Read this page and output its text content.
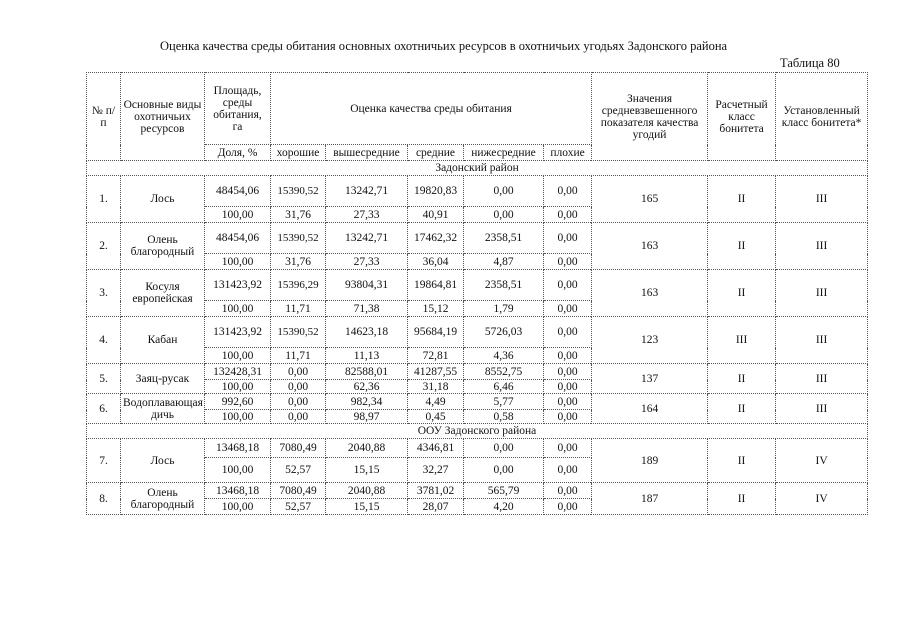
Оценка качества среды обитания основных охотничьих ресурсов в охотничьих угодьях Задонского района
Таблица 80
№ п/п	Основные виды охотничьих ресурсов	Площадь, среды обитания, га	Оценка качества среды обитания					Значения средневзвешенного показателя качества угодий	Расчетный класс бонитета	Установленный класс бонитета*
		Доля, %	хорошие	вышесредние	средние	нижесредние	плохие			
Задонский район										
1.	Лось	48454,06	15390,52	13242,71	19820,83	0,00	0,00	165	II	III
		100,00	31,76	27,33	40,91	0,00	0,00			
2.	Олень благородный	48454,06	15390,52	13242,71	17462,32	2358,51	0,00	163	II	III
		100,00	31,76	27,33	36,04	4,87	0,00			
3.	Косуля европейская	131423,92	15396,29	93804,31	19864,81	2358,51	0,00	163	II	III
		100,00	11,71	71,38	15,12	1,79	0,00			
4.	Кабан	131423,92	15390,52	14623,18	95684,19	5726,03	0,00	123	III	III
		100,00	11,71	11,13	72,81	4,36	0,00			
5.	Заяц-русак	132428,31	0,00	82588,01	41287,55	8552,75	0,00	137	II	III
		100,00	0,00	62,36	31,18	6,46	0,00			
6.	Водоплавающая дичь	992,60	0,00	982,34	4,49	5,77	0,00	164	II	III
		100,00	0,00	98,97	0,45	0,58	0,00			
ООУ Задонского района										
7.	Лось	13468,18	7080,49	2040,88	4346,81	0,00	0,00	189	II	IV
		100,00	52,57	15,15	32,27	0,00	0,00			
8.	Олень благородный	13468,18	7080,49	2040,88	3781,02	565,79	0,00	187	II	IV
		100,00	52,57	15,15	28,07	4,20	0,00			
